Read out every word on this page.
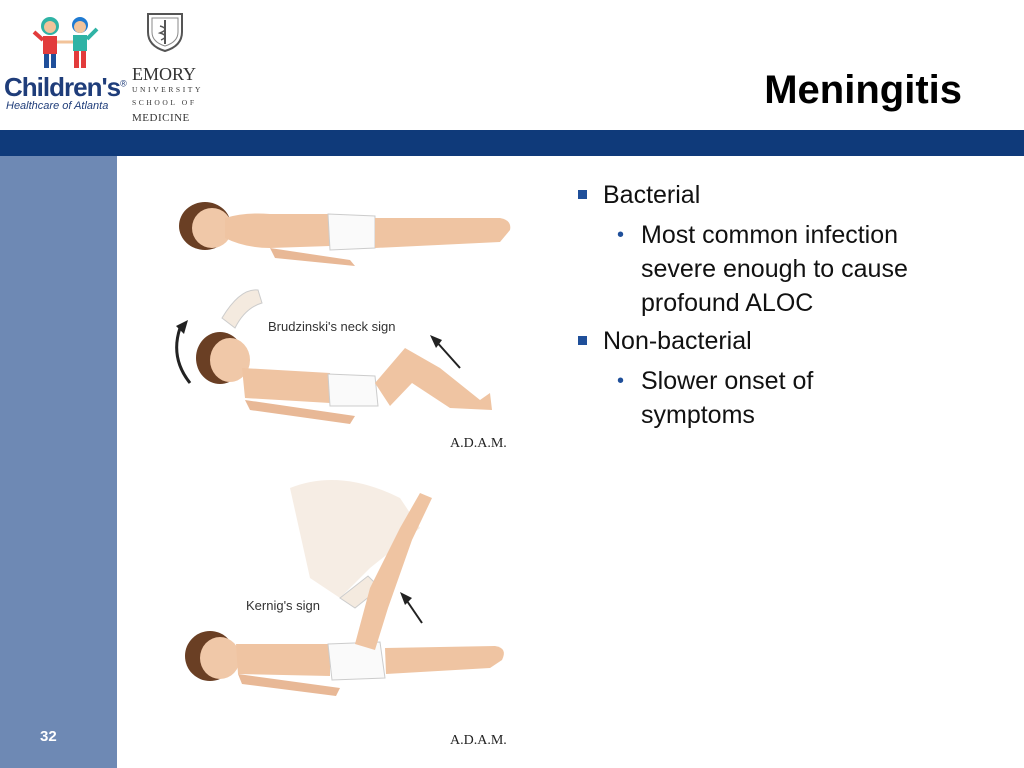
Children's®
Healthcare of Atlanta
EMORY
UNIVERSITY
SCHOOL OF
MEDICINE
Meningitis
32
Brudzinski's neck sign
A.D.A.M.
Kernig's sign
A.D.A.M.
Bacterial
• Most common infection severe enough to cause profound ALOC
Non-bacterial
• Slower onset of symptoms
